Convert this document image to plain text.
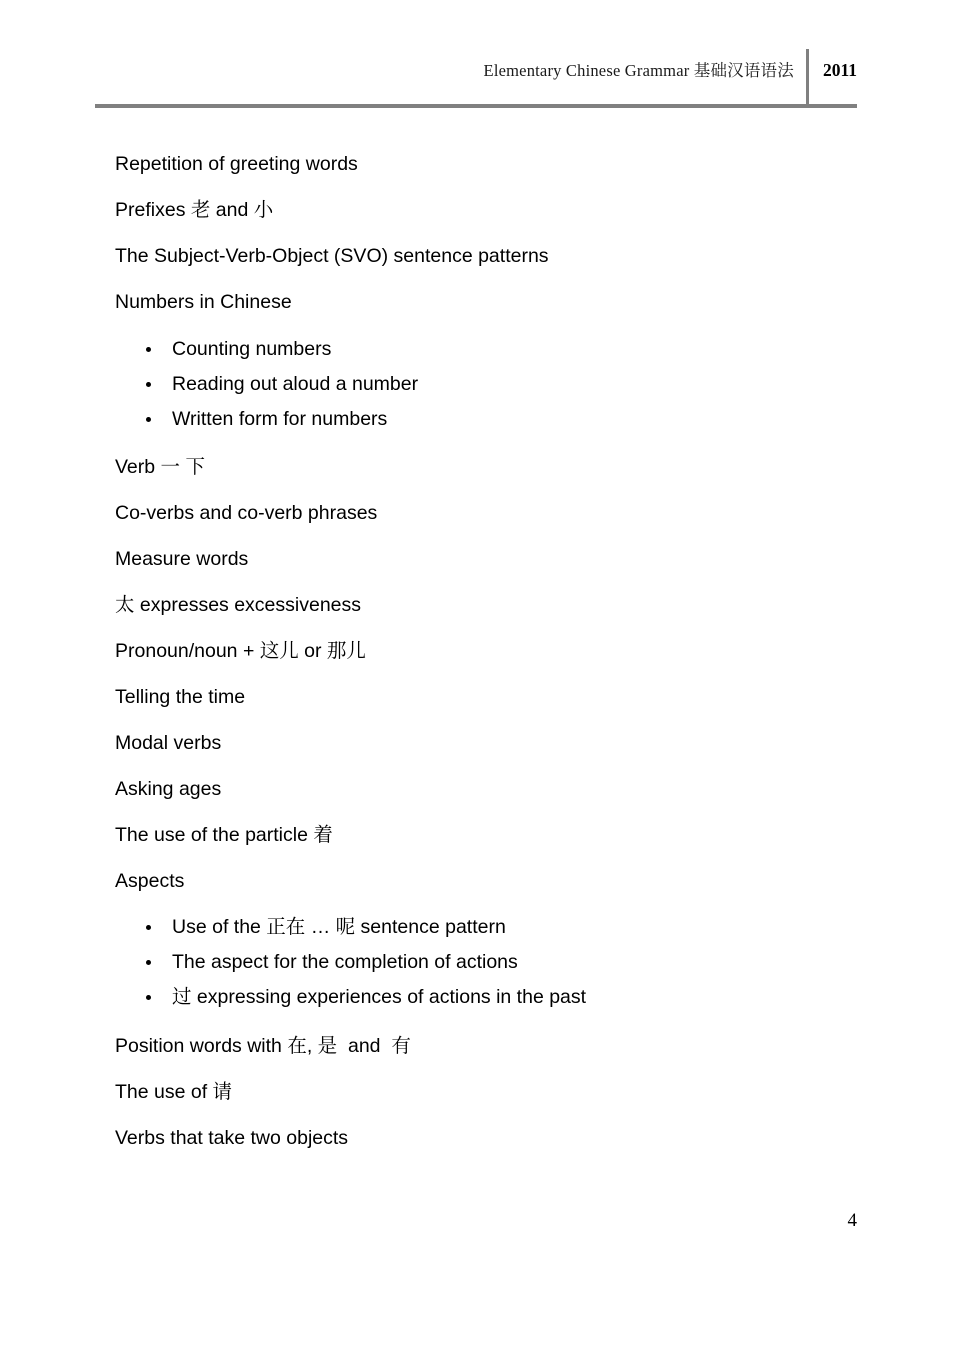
Elementary Chinese Grammar 基础汉语语法	2011

Repetition of greeting words

Prefixes 老 and 小

The Subject-Verb-Object (SVO) sentence patterns

Numbers in Chinese

Counting numbers
Reading out aloud a number
Written form for numbers

Verb 一 下

Co-verbs and co-verb phrases

Measure words

太 expresses excessiveness

Pronoun/noun + 这儿 or 那儿

Telling the time

Modal verbs

Asking ages

The use of the particle 着

Aspects

Use of the 正在 … 呢 sentence pattern
The aspect for the completion of actions
过 expressing experiences of actions in the past

Position words with 在, 是  and  有

The use of 请

Verbs that take two objects

4
